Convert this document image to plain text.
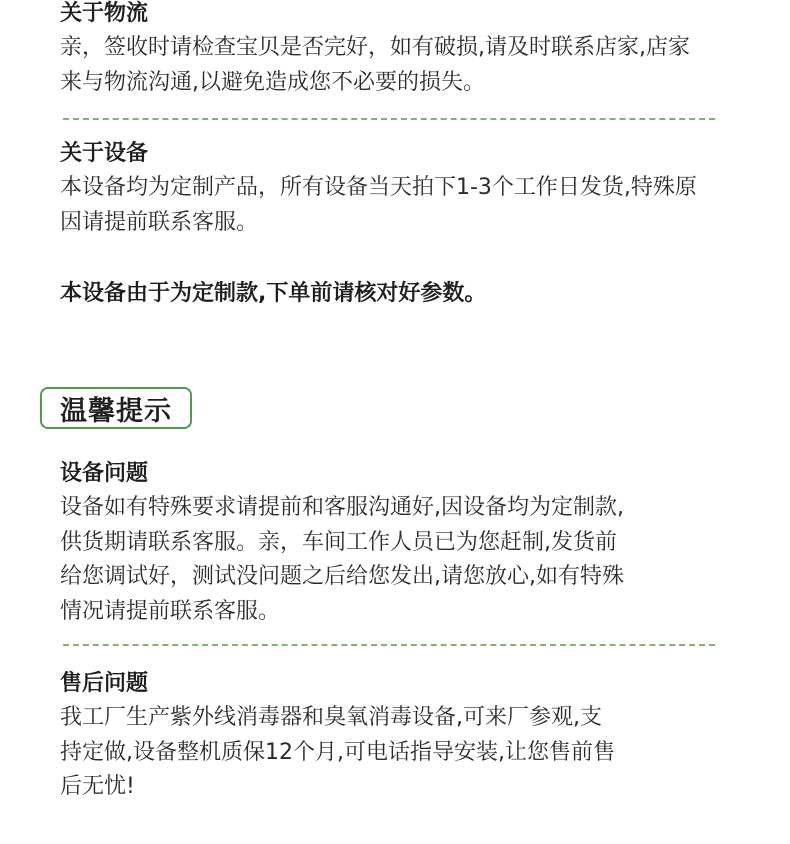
关于物流

亲，签收时请检查宝贝是否完好，如有破损,请及时联系店家,店家
来与物流沟通,以避免造成您不必要的损失。

关于设备

本设备均为定制产品，所有设备当天拍下1-3个工作日发货,特殊原
因请提前联系客服。

本设备由于为定制款,下单前请核对好参数。

温馨提示

设备问题

设备如有特殊要求请提前和客服沟通好,因设备均为定制款,
供货期请联系客服。亲，车间工作人员已为您赶制,发货前
给您调试好，测试没问题之后给您发出,请您放心,如有特殊
情况请提前联系客服。

售后问题

我工厂生产紫外线消毒器和臭氧消毒设备,可来厂参观,支
持定做,设备整机质保12个月,可电话指导安装,让您售前售
后无忧!
